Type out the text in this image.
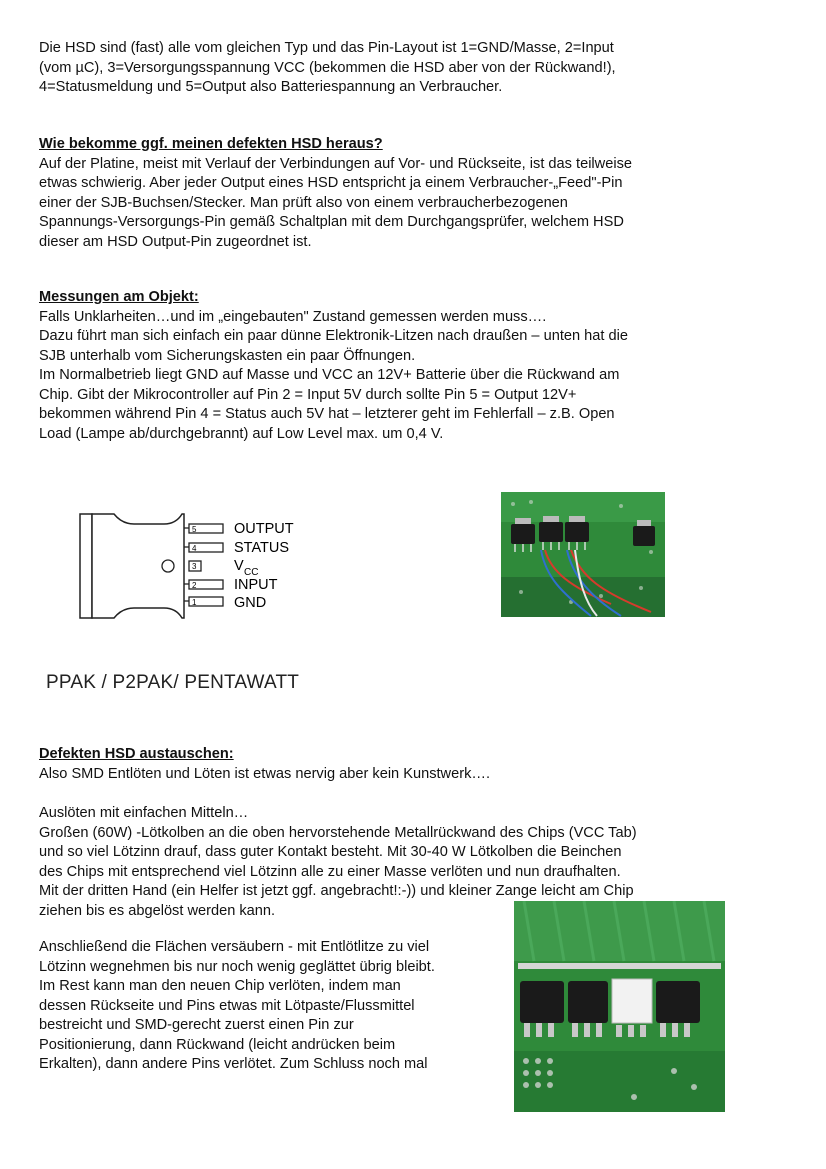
Die HSD sind (fast) alle vom gleichen Typ und das Pin-Layout ist 1=GND/Masse, 2=Input
(vom µC), 3=Versorgungsspannung VCC (bekommen die HSD aber von der Rückwand!),
4=Statusmeldung und 5=Output also Batteriespannung an Verbraucher.
Wie bekomme ggf. meinen defekten HSD heraus?
Auf der Platine, meist mit Verlauf der Verbindungen auf Vor- und Rückseite, ist das teilweise
etwas schwierig. Aber jeder Output eines HSD entspricht ja einem Verbraucher-„Feed"-Pin
einer der SJB-Buchsen/Stecker. Man prüft also von einem verbraucherbezogenen
Spannungs-Versorgungs-Pin gemäß Schaltplan mit dem Durchgangsprüfer, welchem HSD
dieser am HSD Output-Pin zugeordnet ist.
Messungen am Objekt:
Falls Unklarheiten…und im „eingebauten" Zustand gemessen werden muss….
Dazu führt man sich einfach ein paar dünne Elektronik-Litzen nach draußen – unten hat die
SJB unterhalb vom Sicherungskasten ein paar Öffnungen.
Im Normalbetrieb liegt GND auf Masse und VCC an 12V+ Batterie über die Rückwand am
Chip. Gibt der Mikrocontroller auf Pin 2 = Input 5V durch sollte Pin 5 = Output 12V+
bekommen während Pin 4 = Status auch 5V hat – letzterer geht im Fehlerfall – z.B. Open
Load (Lampe ab/durchgebrannt) auf Low Level max. um 0,4 V.
5	OUTPUT
4	STATUS
3	V CC
2	INPUT
1	GND
PPAK / P2PAK/ PENTAWATT
Defekten HSD austauschen:
Also SMD Entlöten und Löten ist etwas nervig aber kein Kunstwerk….
Auslöten mit einfachen Mitteln…
Großen (60W) -Lötkolben an die oben hervorstehende Metallrückwand des Chips (VCC Tab)
und so viel Lötzinn drauf, dass guter Kontakt besteht. Mit 30-40 W Lötkolben die Beinchen
des Chips mit entsprechend viel Lötzinn alle zu einer Masse verlöten und nun draufhalten.
Mit der dritten Hand (ein Helfer ist jetzt ggf. angebracht!:-)) und kleiner Zange leicht am Chip
ziehen bis es abgelöst werden kann.
Anschließend die Flächen versäubern - mit Entlötlitze zu viel
Lötzinn wegnehmen bis nur noch wenig geglättet übrig bleibt.
Im Rest kann man den neuen Chip verlöten, indem man
dessen Rückseite und Pins etwas mit Lötpaste/Flussmittel
bestreicht und SMD-gerecht zuerst einen Pin zur
Positionierung, dann Rückwand (leicht andrücken beim
Erkalten), dann andere Pins verlötet. Zum Schluss noch mal
